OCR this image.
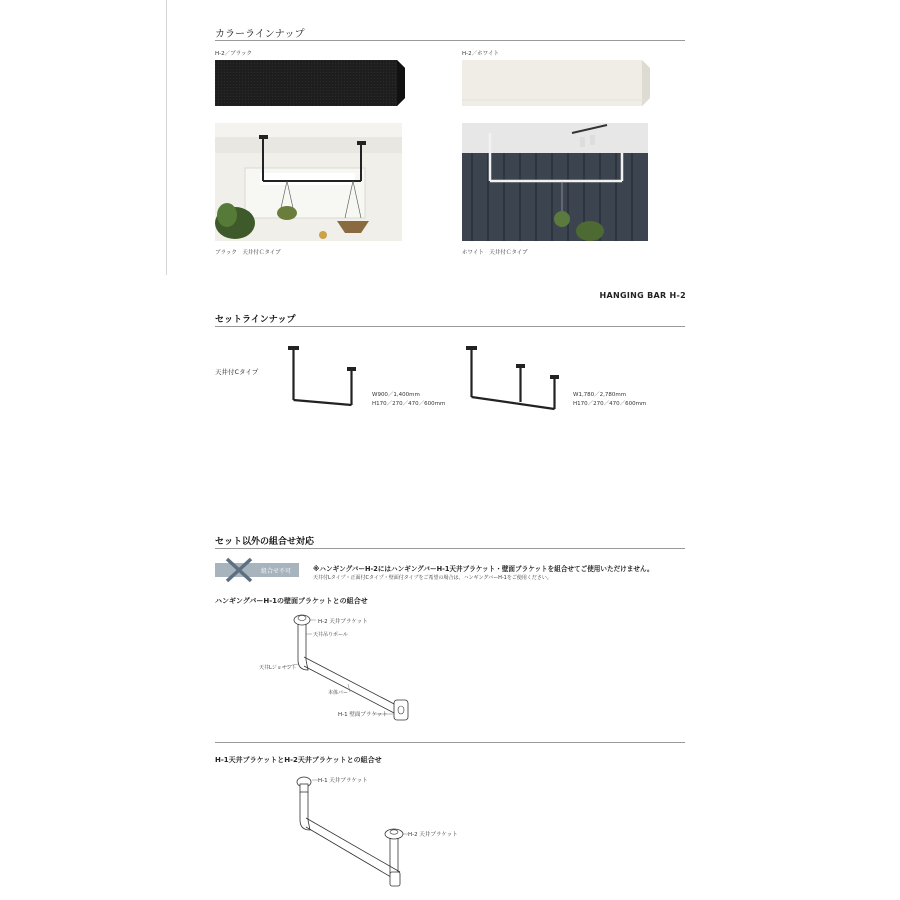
カラーラインナップ
H-2／ブラック	H-2／ホワイト
ブラック　天井付Ｃタイプ	ホワイト　天井付Ｃタイプ
HANGING BAR H-2
セットラインナップ
天井付Cタイプ
W900／1,400mm
H170／270／470／600mm
W1,780／2,780mm
H170／270／470／600mm
セット以外の組合せ対応
組合せ不可	※ハンギングバーH-2にはハンギングバーH-1天井ブラケット・壁面ブラケットを組合せてご使用いただけません。
天井付Lタイプ・正面付Cタイプ・壁面付タイプをご希望の場合は、ハンギングバーH-1をご使用ください。
ハンギングバーH-1の壁面ブラケットとの組合せ
H-2 天井ブラケット
天井吊りポール
天井Lジョイント
本体バー
H-1 壁面ブラケット
H-1天井ブラケットとH-2天井ブラケットとの組合せ
H-1 天井ブラケット
H-2 天井ブラケット
